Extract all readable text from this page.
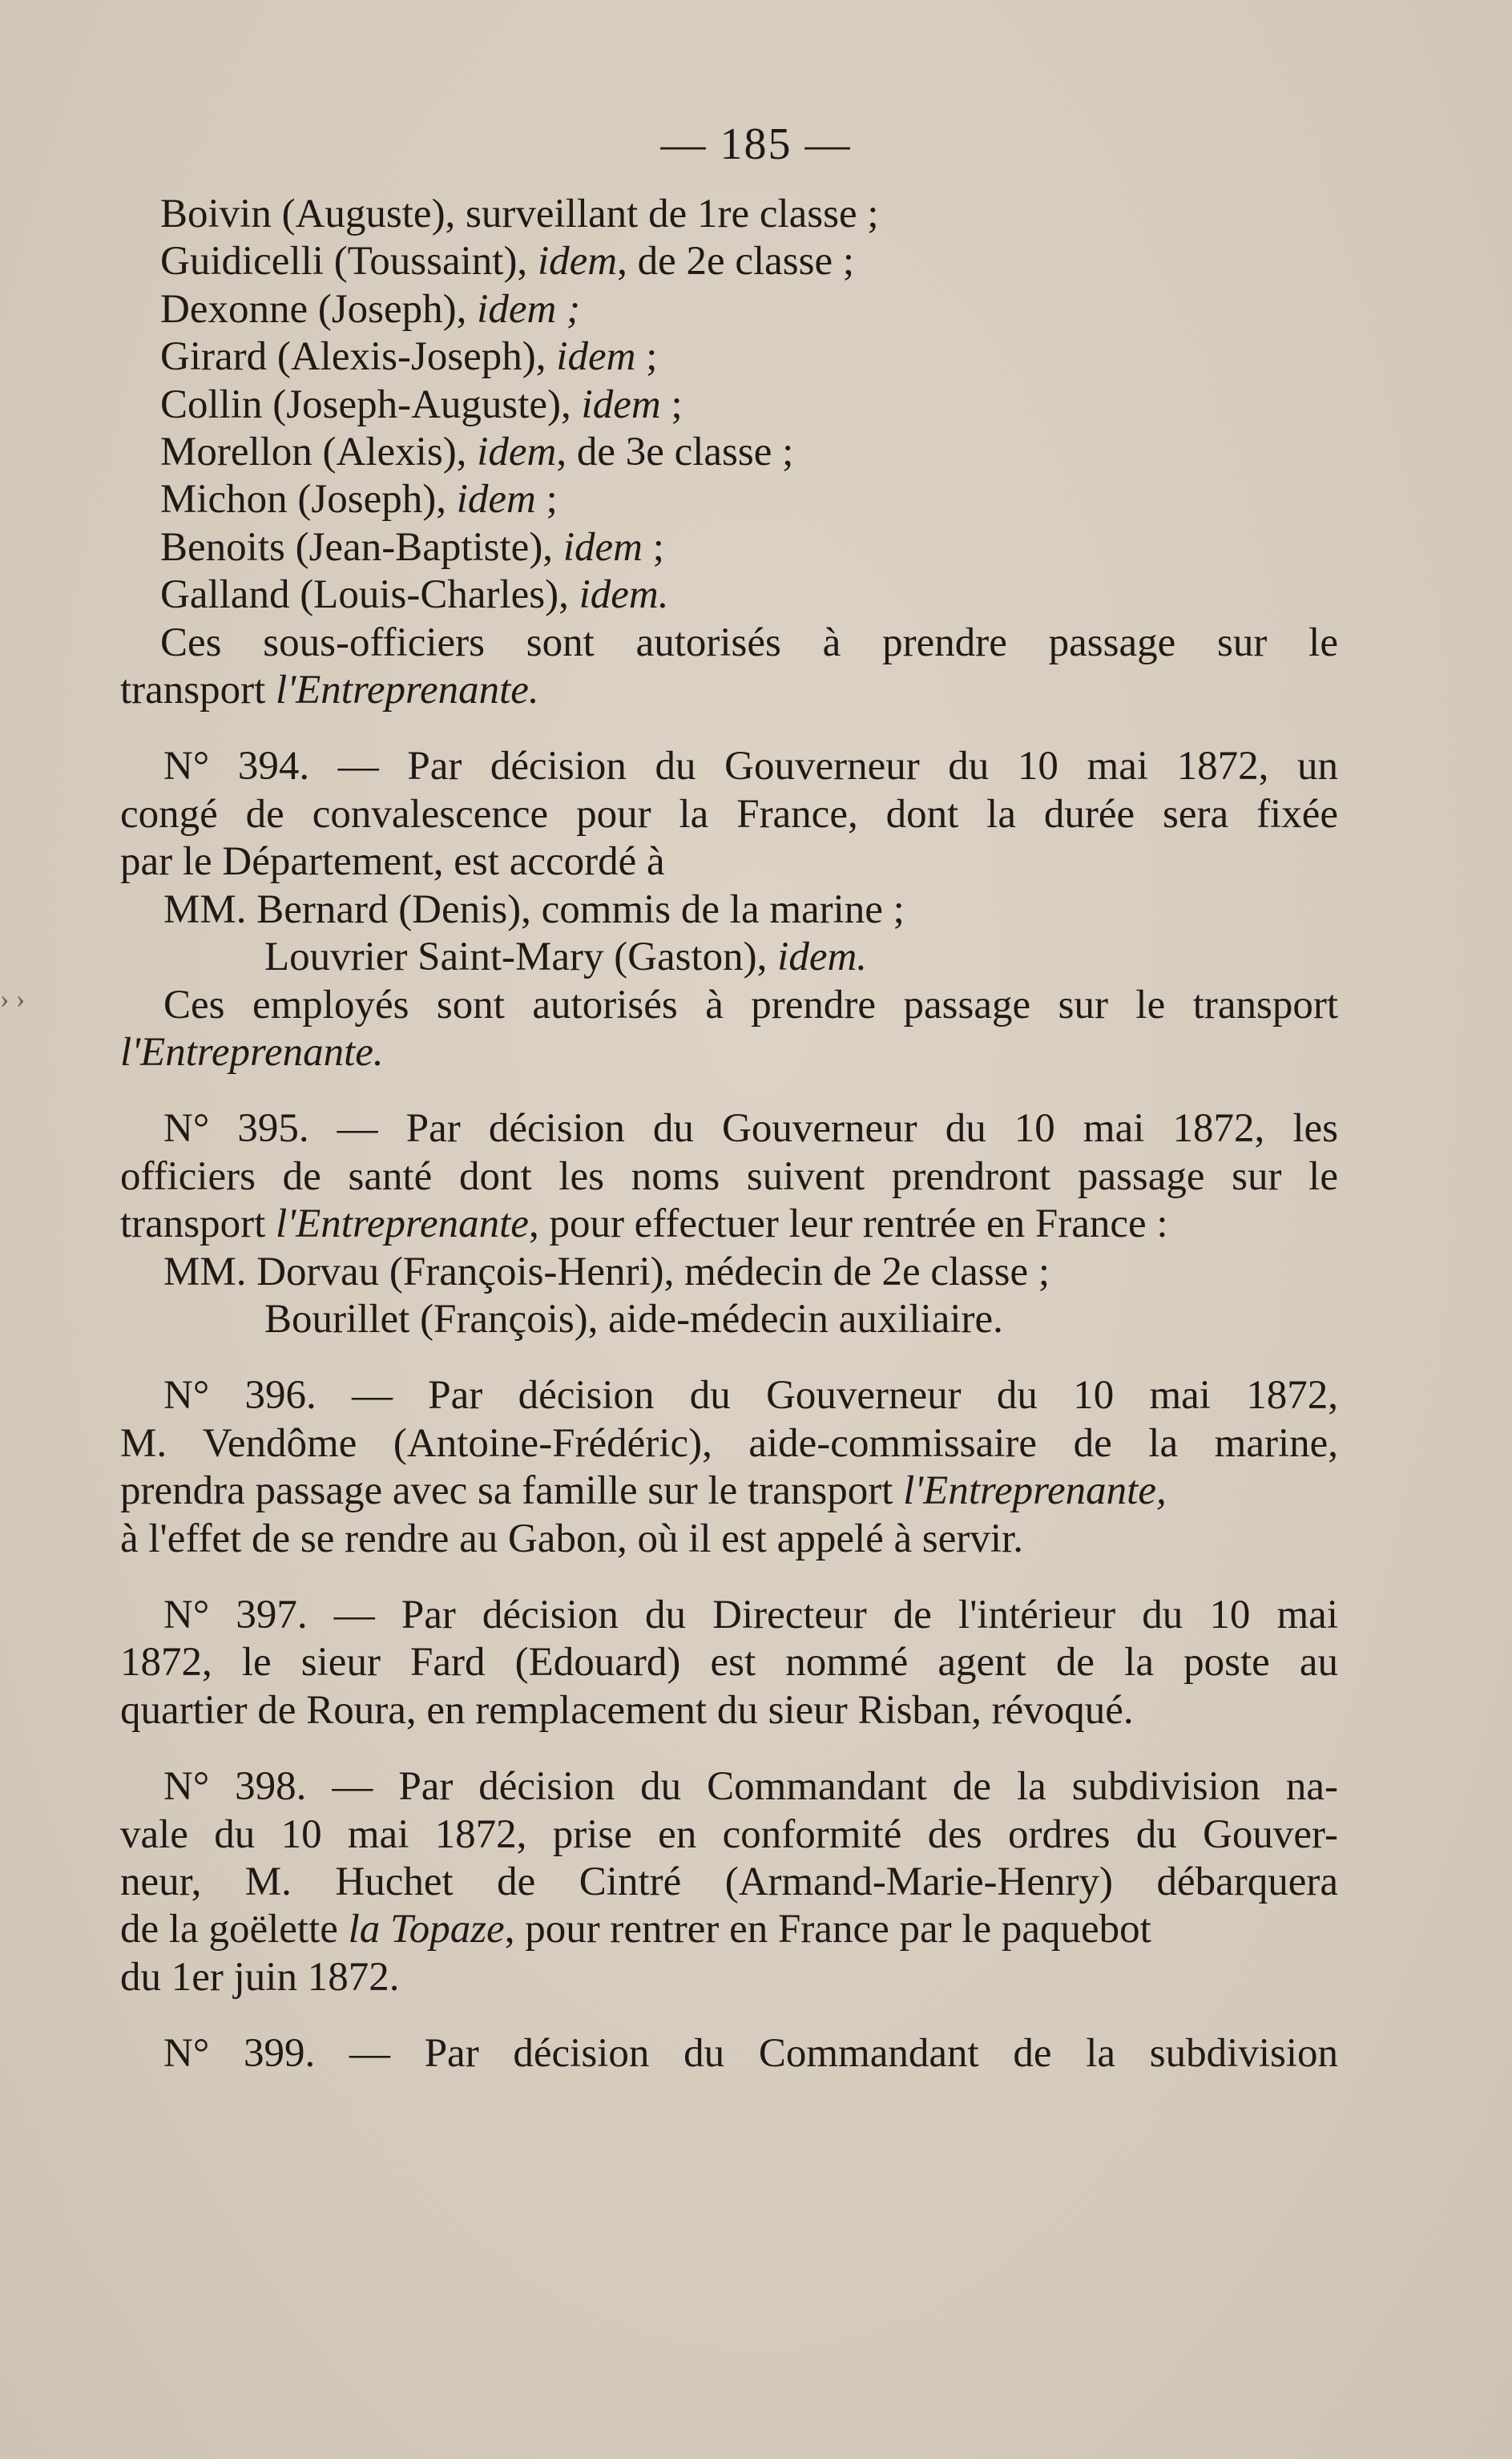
— 185 —
› ›

Boivin (Auguste), surveillant de 1re classe ;
Guidicelli (Toussaint), idem, de 2e classe ;
Dexonne (Joseph), idem ;
Girard (Alexis-Joseph), idem ;
Collin (Joseph-Auguste), idem ;
Morellon (Alexis), idem, de 3e classe ;
Michon (Joseph), idem ;
Benoits (Jean-Baptiste), idem ;
Galland (Louis-Charles), idem.
Ces sous-officiers sont autorisés à prendre passage sur le
transport l'Entreprenante.

N° 394. — Par décision du Gouverneur du 10 mai 1872, un
congé de convalescence pour la France, dont la durée sera fixée
par le Département, est accordé à
MM. Bernard (Denis), commis de la marine ;
Louvrier Saint-Mary (Gaston), idem.
Ces employés sont autorisés à prendre passage sur le transport
l'Entreprenante.

N° 395. — Par décision du Gouverneur du 10 mai 1872, les
officiers de santé dont les noms suivent prendront passage sur le
transport l'Entreprenante, pour effectuer leur rentrée en France :
MM. Dorvau (François-Henri), médecin de 2e classe ;
Bourillet (François), aide-médecin auxiliaire.

N° 396. — Par décision du Gouverneur du 10 mai 1872,
M. Vendôme (Antoine-Frédéric), aide-commissaire de la marine,
prendra passage avec sa famille sur le transport l'Entreprenante,
à l'effet de se rendre au Gabon, où il est appelé à servir.

N° 397. — Par décision du Directeur de l'intérieur du 10 mai
1872, le sieur Fard (Edouard) est nommé agent de la poste au
quartier de Roura, en remplacement du sieur Risban, révoqué.

N° 398. — Par décision du Commandant de la subdivision na-
vale du 10 mai 1872, prise en conformité des ordres du Gouver-
neur, M. Huchet de Cintré (Armand-Marie-Henry) débarquera
de la goëlette la Topaze, pour rentrer en France par le paquebot
du 1er juin 1872.

N° 399. — Par décision du Commandant de la subdivision
